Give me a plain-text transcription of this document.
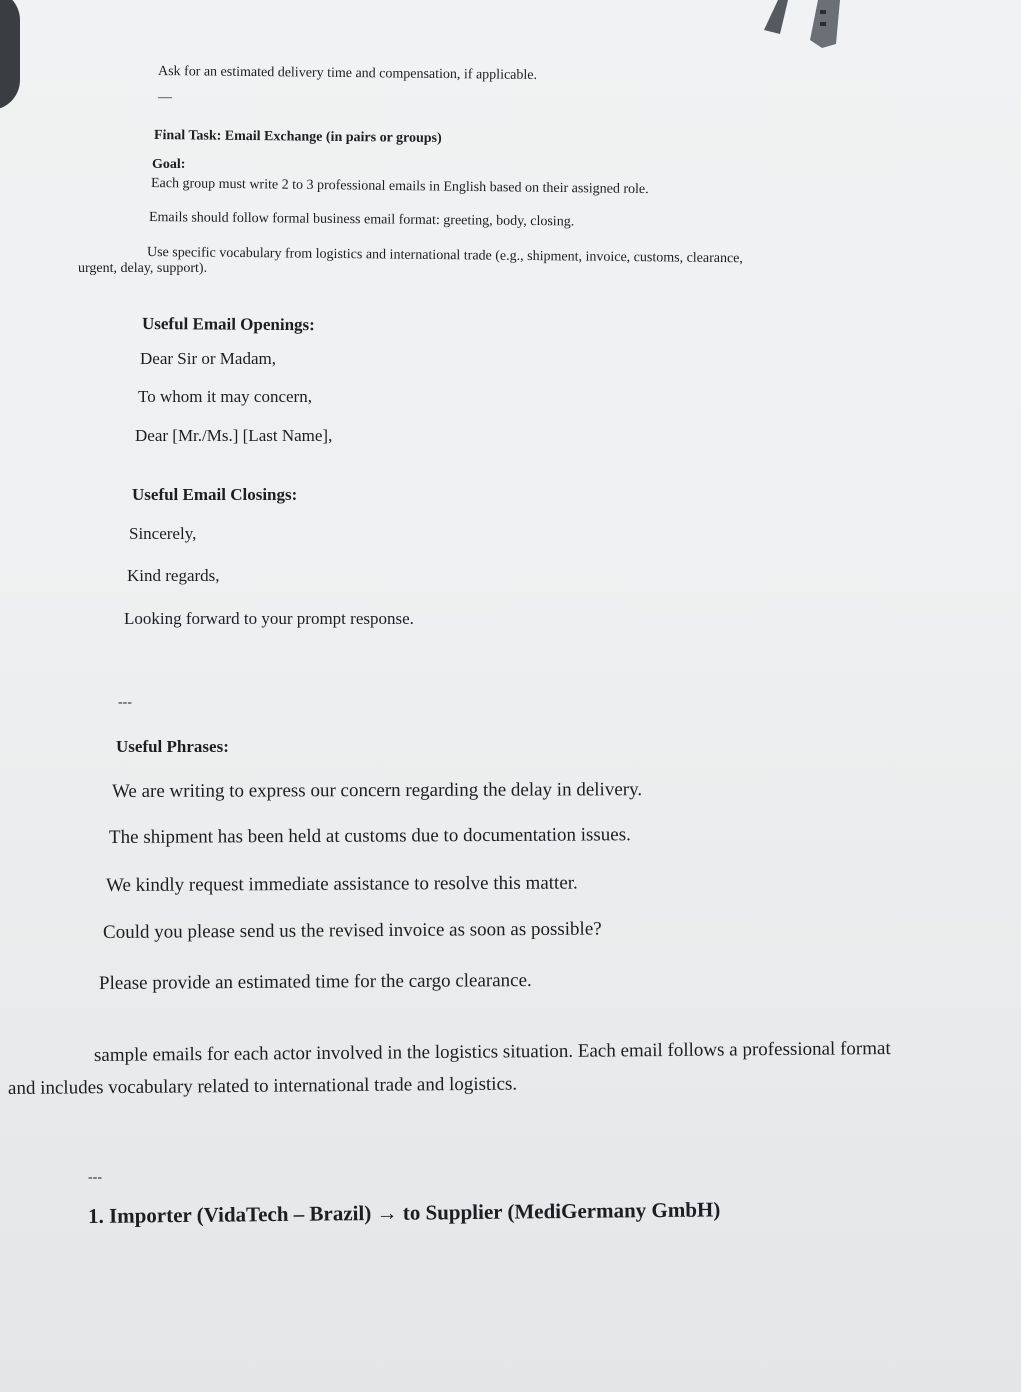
Ask for an estimated delivery time and compensation, if applicable.
—
Final Task: Email Exchange (in pairs or groups)
Goal:
Each group must write 2 to 3 professional emails in English based on their assigned role.
Emails should follow formal business email format: greeting, body, closing.
Use specific vocabulary from logistics and international trade (e.g., shipment, invoice, customs, clearance,
urgent, delay, support).
Useful Email Openings:
Dear Sir or Madam,
To whom it may concern,
Dear [Mr./Ms.] [Last Name],
Useful Email Closings:
Sincerely,
Kind regards,
Looking forward to your prompt response.
---
Useful Phrases:
We are writing to express our concern regarding the delay in delivery.
The shipment has been held at customs due to documentation issues.
We kindly request immediate assistance to resolve this matter.
Could you please send us the revised invoice as soon as possible?
Please provide an estimated time for the cargo clearance.
sample emails for each actor involved in the logistics situation. Each email follows a professional format
and includes vocabulary related to international trade and logistics.
---
1. Importer (VidaTech – Brazil) → to Supplier (MediGermany GmbH)
